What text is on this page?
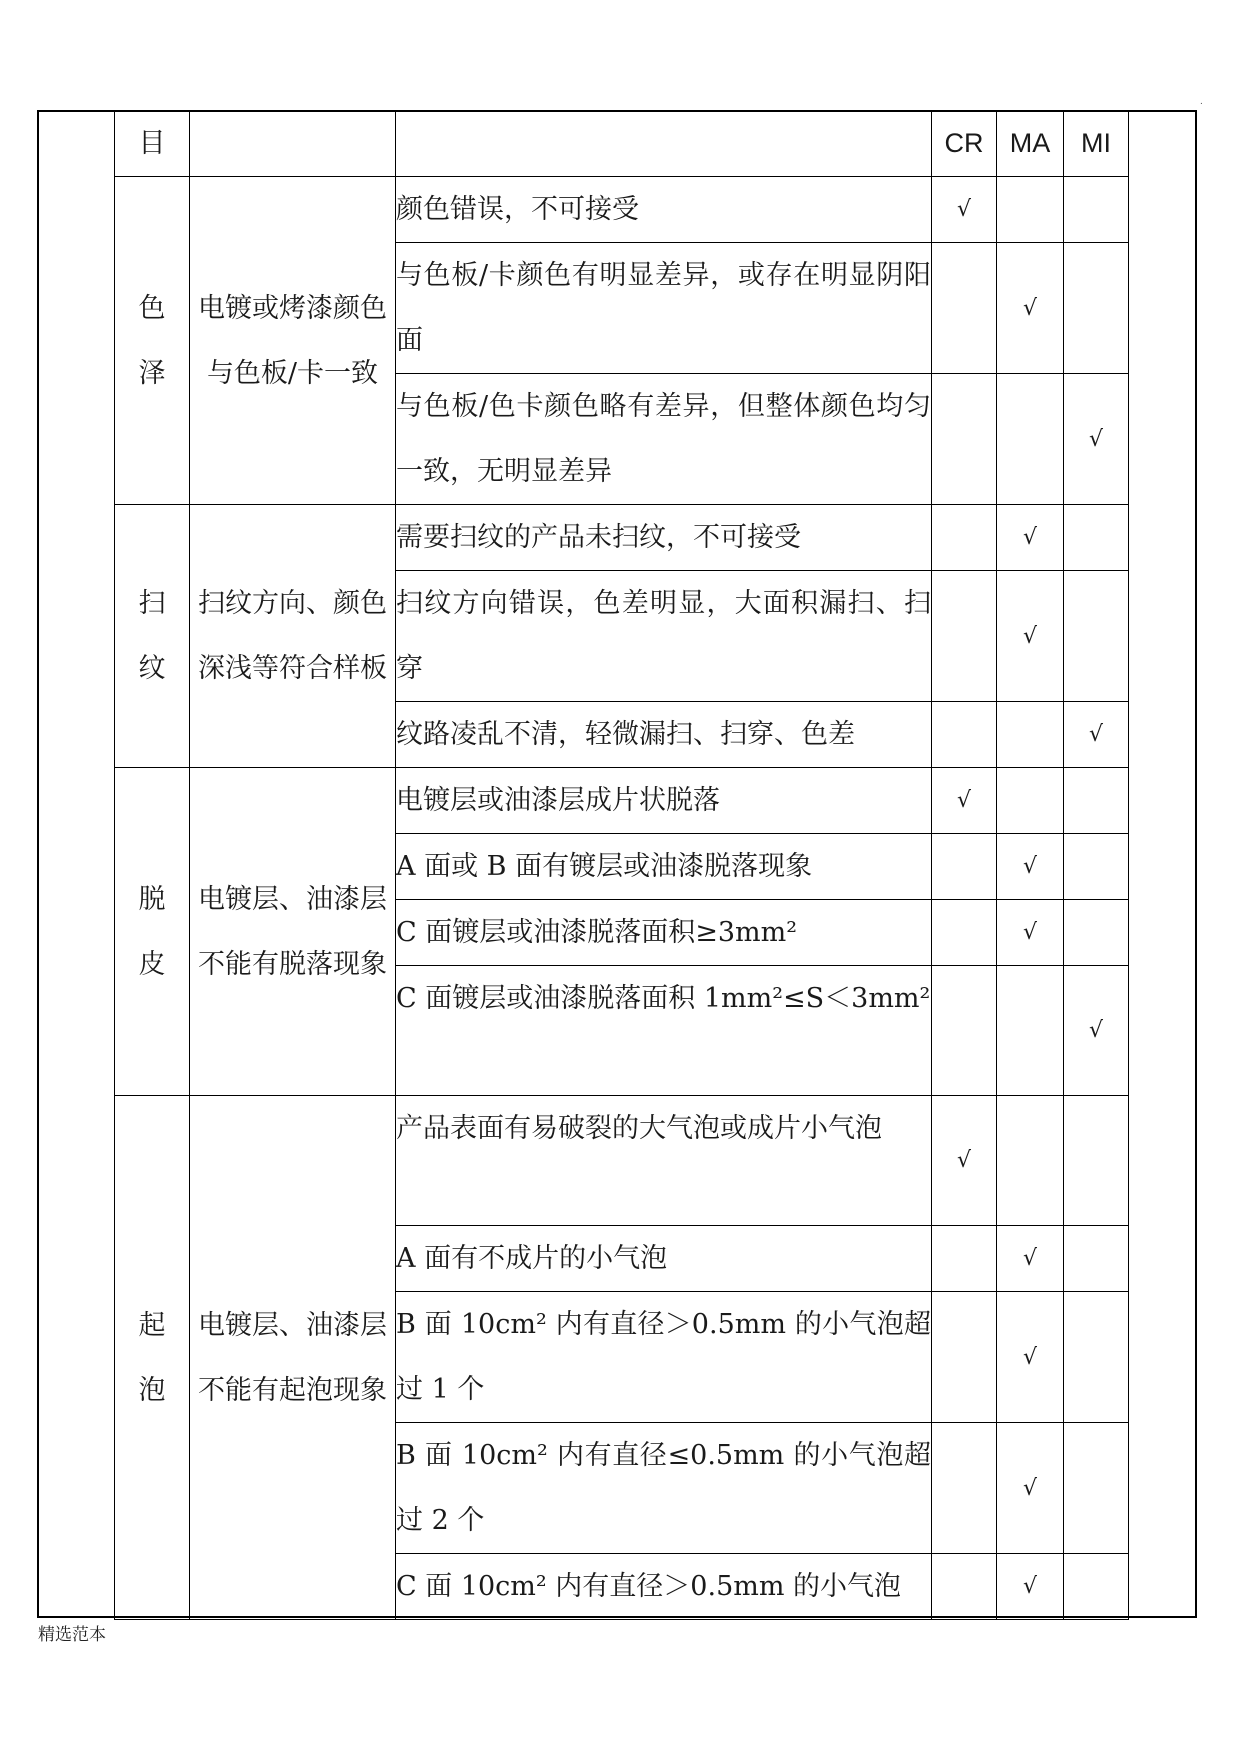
.
目			CR	MA	MI
色
泽	电镀或烤漆颜色与色板/卡一致	颜色错误，不可接受	√		
		与色板/卡颜色有明显差异，或存在明显阴阳面		√	
		与色板/色卡颜色略有差异，但整体颜色均匀一致，无明显差异			√
扫
纹	扫纹方向、颜色深浅等符合样板	需要扫纹的产品未扫纹，不可接受		√	
		扫纹方向错误，色差明显，大面积漏扫、扫穿		√	
		纹路凌乱不清，轻微漏扫、扫穿、色差			√
脱
皮	电镀层、油漆层不能有脱落现象	电镀层或油漆层成片状脱落	√		
		A 面或 B 面有镀层或油漆脱落现象		√	
		C 面镀层或油漆脱落面积≥3mm²		√	
		C 面镀层或油漆脱落面积 1mm²≤S＜3mm²			√
起
泡	电镀层、油漆层不能有起泡现象	产品表面有易破裂的大气泡或成片小气泡	√		
		A 面有不成片的小气泡		√	
		B 面 10cm² 内有直径＞0.5mm 的小气泡超过 1 个		√	
		B 面 10cm² 内有直径≤0.5mm 的小气泡超过 2 个		√	
		C 面 10cm² 内有直径＞0.5mm 的小气泡		√	
精选范本
